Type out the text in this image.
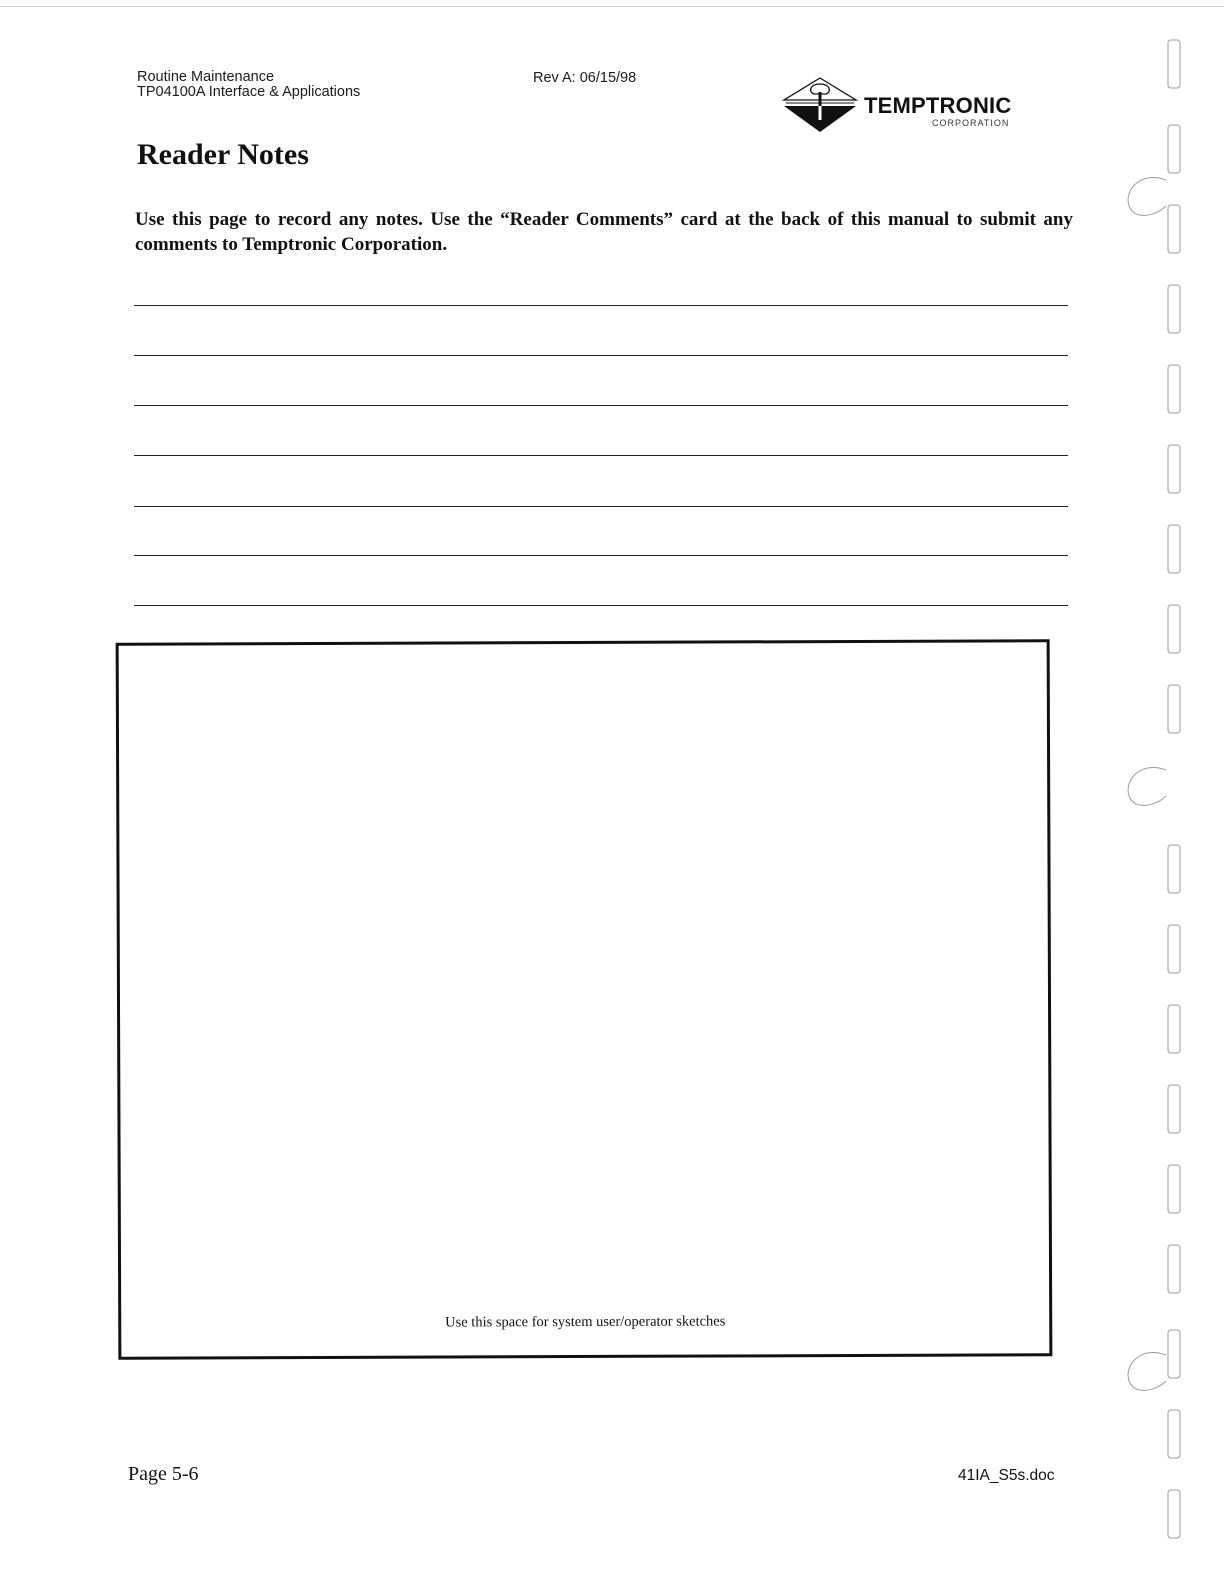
Routine Maintenance
TP04100A Interface & Applications
Rev A: 06/15/98
TEMPTRONIC
CORPORATION
Reader Notes

Use this page to record any notes. Use the “Reader Comments” card at the back of this manual to submit any comments to Temptronic Corporation.

Use this space for system user/operator sketches
Page 5-6	41IA_S5s.doc
